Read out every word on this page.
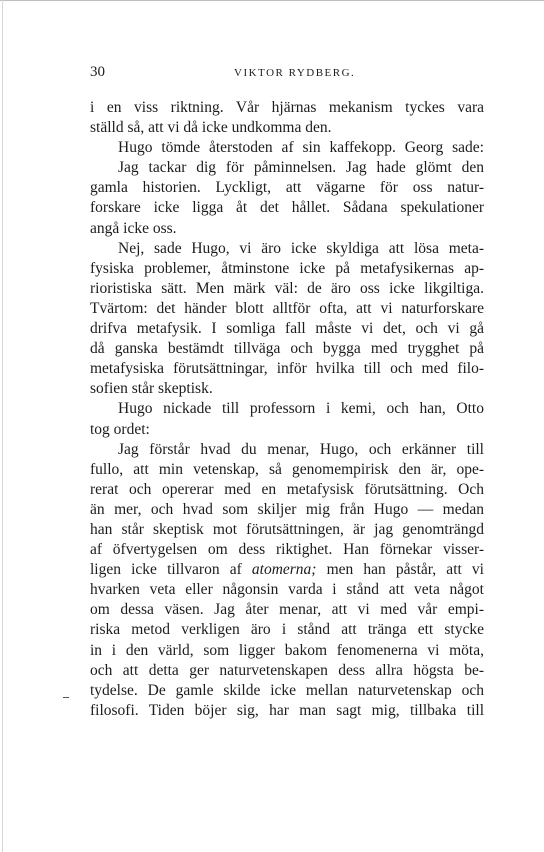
30	VIKTOR RYDBERG.
i en viss riktning. Vår hjärnas mekanism tyckes vara
ställd så, att vi då icke undkomma den.
Hugo tömde återstoden af sin kaffekopp. Georg sade:
Jag tackar dig för påminnelsen. Jag hade glömt den
gamla historien. Lyckligt, att vägarne för oss natur-
forskare icke ligga åt det hållet. Sådana spekulationer
angå icke oss.
Nej, sade Hugo, vi äro icke skyldiga att lösa meta-
fysiska problemer, åtminstone icke på metafysikernas ap-
rioristiska sätt. Men märk väl: de äro oss icke likgiltiga.
Tvärtom: det händer blott alltför ofta, att vi naturforskare
drifva metafysik. I somliga fall måste vi det, och vi gå
då ganska bestämdt tillväga och bygga med trygghet på
metafysiska förutsättningar, inför hvilka till och med filo-
sofien står skeptisk.
Hugo nickade till professorn i kemi, och han, Otto
tog ordet:
Jag förstår hvad du menar, Hugo, och erkänner till
fullo, att min vetenskap, så genomempirisk den är, ope-
rerat och opererar med en metafysisk förutsättning. Och
än mer, och hvad som skiljer mig från Hugo — medan
han står skeptisk mot förutsättningen, är jag genomträngd
af öfvertygelsen om dess riktighet. Han förnekar visser-
ligen icke tillvaron af atomerna; men han påstår, att vi
hvarken veta eller någonsin varda i stånd att veta något
om dessa väsen. Jag åter menar, att vi med vår empi-
riska metod verkligen äro i stånd att tränga ett stycke
in i den värld, som ligger bakom fenomenerna vi möta,
och att detta ger naturvetenskapen dess allra högsta be-
tydelse. De gamle skilde icke mellan naturvetenskap och
filosofi. Tiden böjer sig, har man sagt mig, tillbaka till
